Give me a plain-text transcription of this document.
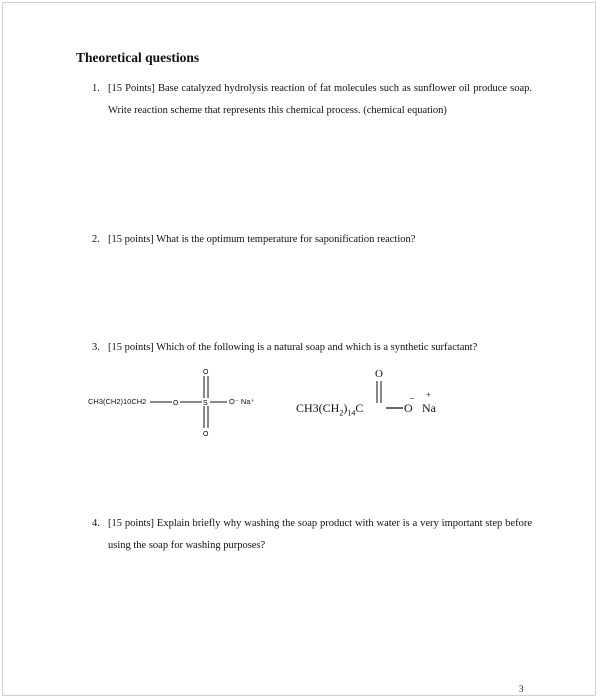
Theoretical questions
1. [15 Points] Base catalyzed hydrolysis reaction of fat molecules such as sunflower oil produce soap. Write reaction scheme that represents this chemical process. (chemical equation)
2. [15 points] What is the optimum temperature for saponification reaction?
3. [15 points] Which of the following is a natural soap and which is a synthetic surfactant?
O	S
O
O
CH3(CH2)10CH2	O⁻ Na⁺
O
$CH3(CH_2)_{14}C$
−
O
+
Na
4. [15 points] Explain briefly why washing the soap product with water is a very important step before using the soap for washing purposes?
3
